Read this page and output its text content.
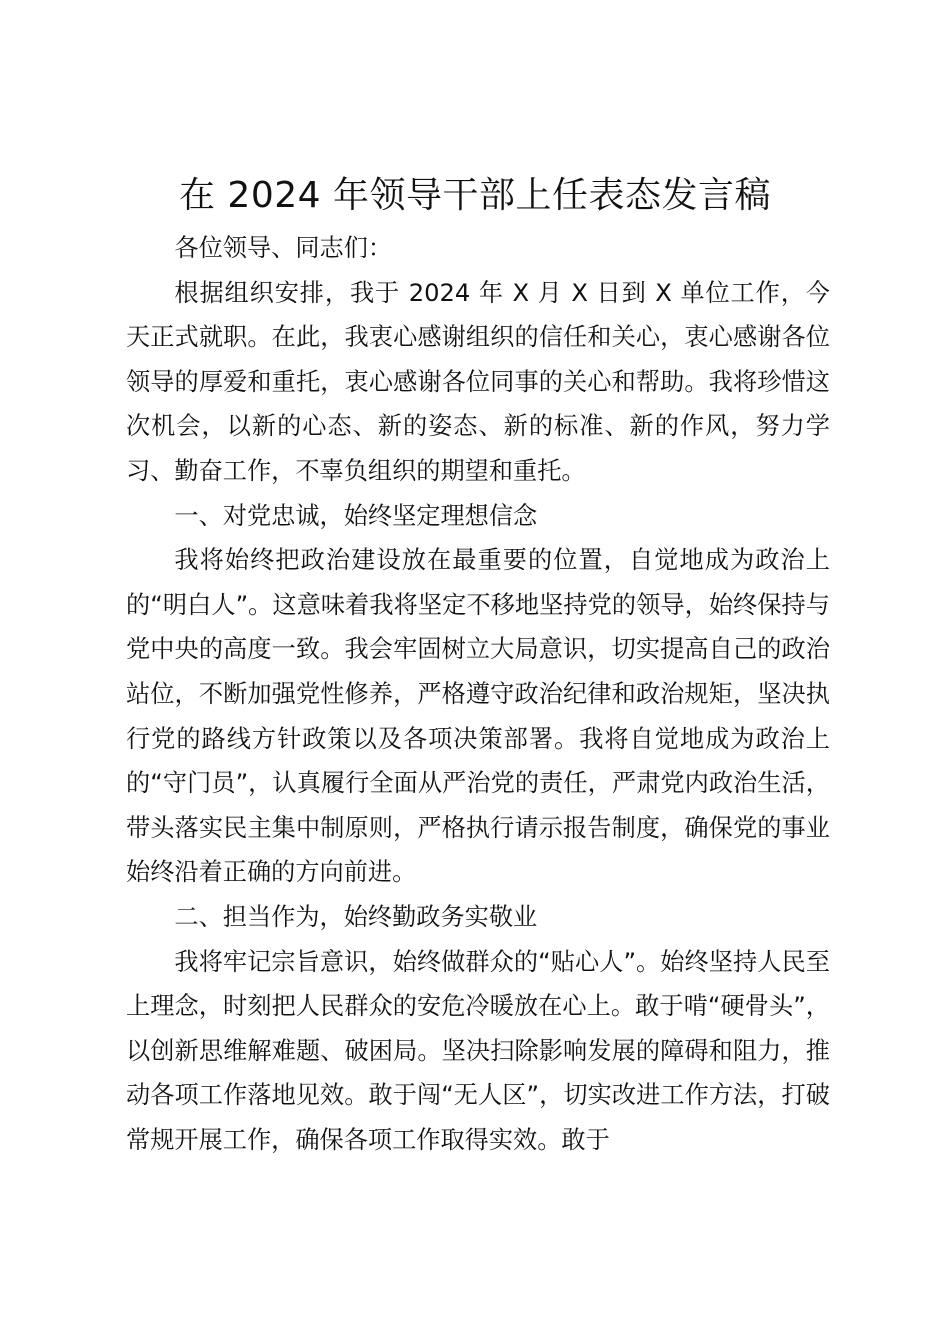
在 2024 年领导干部上任表态发言稿

各位领导、同志们：

根据组织安排，我于 2024 年 X 月 X 日到 X 单位工作，今天正式就职。在此，我衷心感谢组织的信任和关心，衷心感谢各位领导的厚爱和重托，衷心感谢各位同事的关心和帮助。我将珍惜这次机会，以新的心态、新的姿态、新的标准、新的作风，努力学习、勤奋工作，不辜负组织的期望和重托。

一、对党忠诚，始终坚定理想信念

我将始终把政治建设放在最重要的位置，自觉地成为政治上的“明白人”。这意味着我将坚定不移地坚持党的领导，始终保持与党中央的高度一致。我会牢固树立大局意识，切实提高自己的政治站位，不断加强党性修养，严格遵守政治纪律和政治规矩，坚决执行党的路线方针政策以及各项决策部署。我将自觉地成为政治上的“守门员”，认真履行全面从严治党的责任，严肃党内政治生活，带头落实民主集中制原则，严格执行请示报告制度，确保党的事业始终沿着正确的方向前进。

二、担当作为，始终勤政务实敬业

我将牢记宗旨意识，始终做群众的“贴心人”。始终坚持人民至上理念，时刻把人民群众的安危冷暖放在心上。敢于啃“硬骨头”，以创新思维解难题、破困局。坚决扫除影响发展的障碍和阻力，推动各项工作落地见效。敢于闯“无人区”，切实改进工作方法，打破常规开展工作，确保各项工作取得实效。敢于
